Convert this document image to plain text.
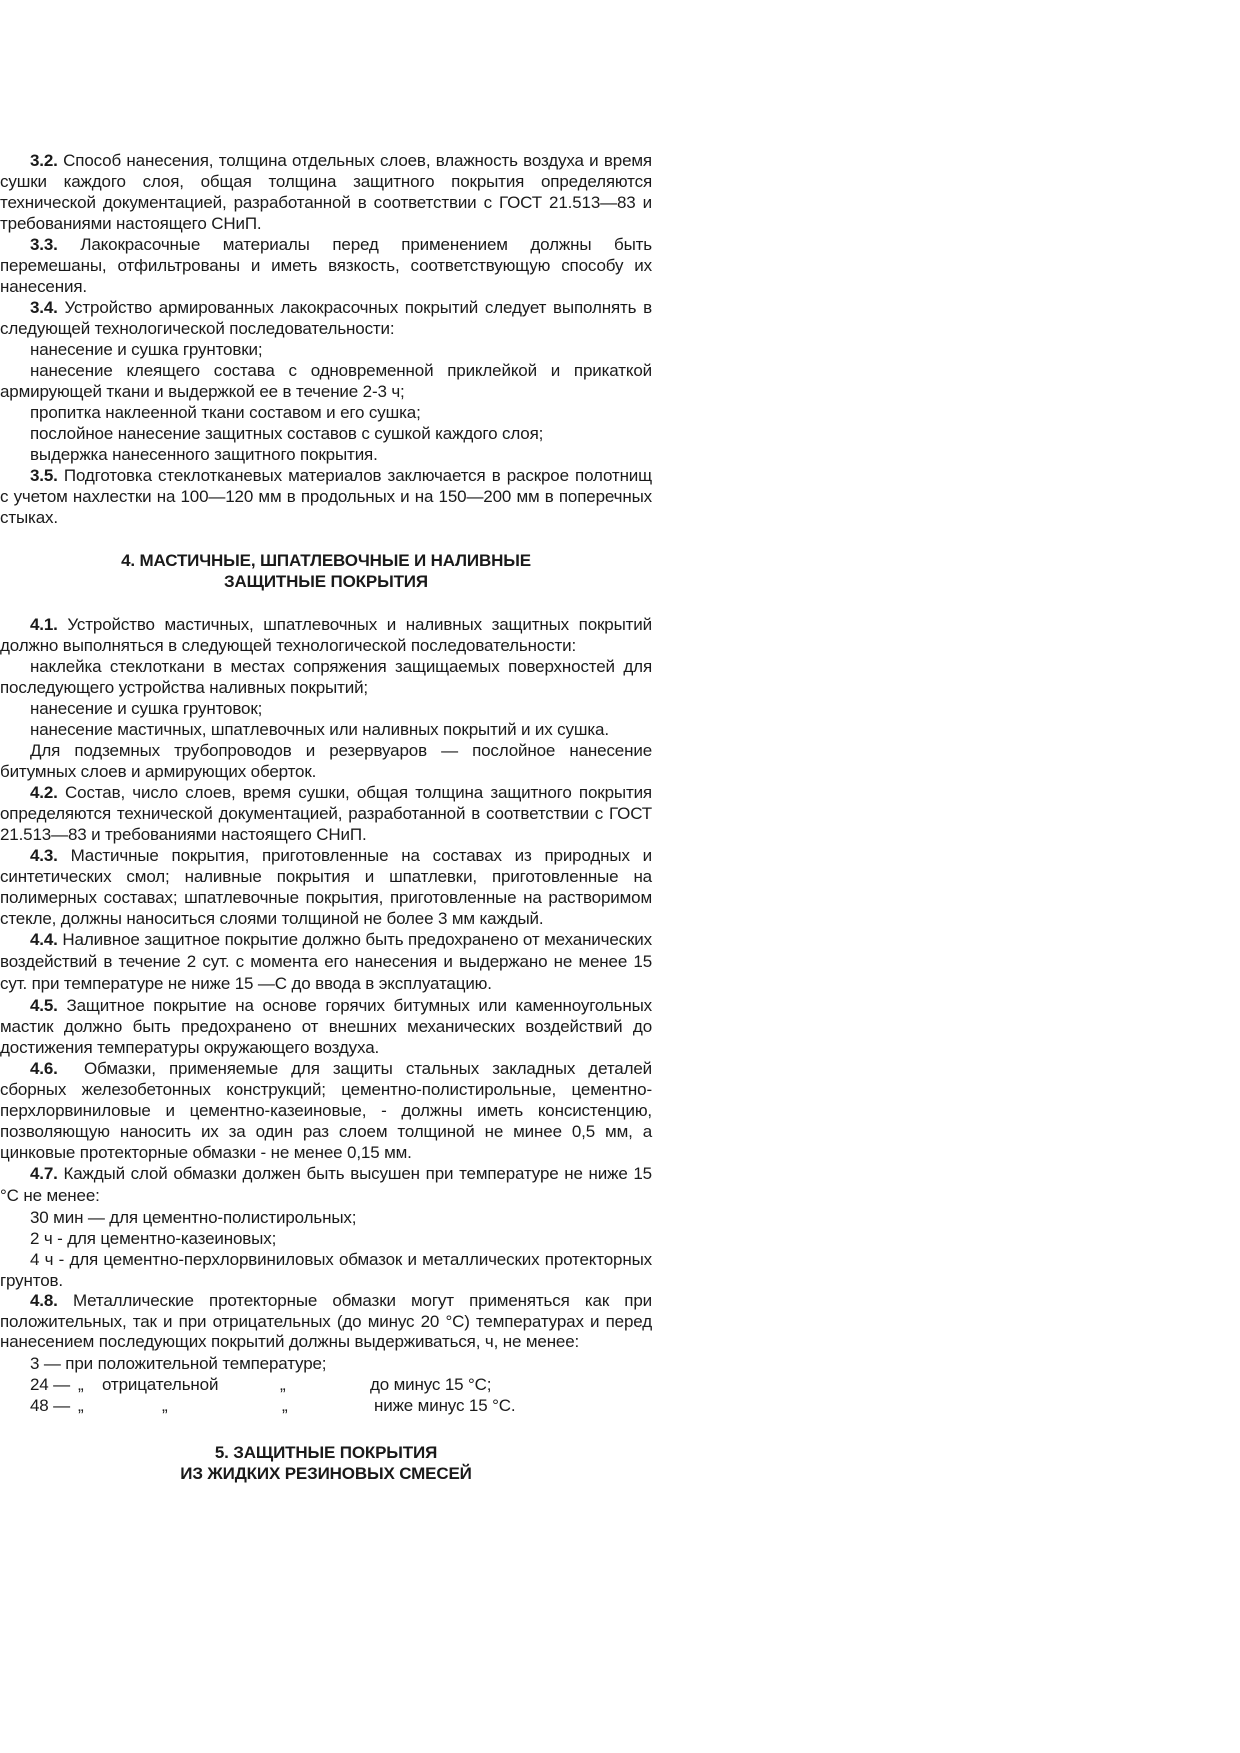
3.2. Способ нанесения, толщина отдельных слоев, влажность воздуха и время сушки каждого слоя, общая толщина защитного покрытия определяются технической документацией, разработанной в соответствии с ГОСТ 21.513—83 и требованиями настоящего СНиП.

3.3. Лакокрасочные материалы перед применением должны быть перемешаны, отфильтрованы и иметь вязкость, соответствующую способу их нанесения.

3.4. Устройство армированных лакокрасочных покрытий следует выполнять в следующей технологической последовательности:

нанесение и сушка грунтовки;

нанесение клеящего состава с одновременной приклейкой и прикаткой армирующей ткани и выдержкой ее в течение 2-3 ч;

пропитка наклеенной ткани составом и его сушка;

послойное нанесение защитных составов с сушкой каждого слоя;

выдержка нанесенного защитного покрытия.

3.5. Подготовка стеклотканевых материалов заключается в раскрое полотнищ с учетом нахлестки на 100—120 мм в продольных и на 150—200 мм в поперечных стыках.

4. МАСТИЧНЫЕ, ШПАТЛЕВОЧНЫЕ И НАЛИВНЫЕ
ЗАЩИТНЫЕ ПОКРЫТИЯ

4.1. Устройство мастичных, шпатлевочных и наливных защитных покрытий должно выполняться в следующей технологической последовательности:

наклейка стеклоткани в местах сопряжения защищаемых поверхностей для последующего устройства наливных покрытий;

нанесение и сушка грунтовок;

нанесение мастичных, шпатлевочных или наливных покрытий и их сушка.

Для подземных трубопроводов и резервуаров — послойное нанесение битумных слоев и армирующих оберток.

4.2. Состав, число слоев, время сушки, общая толщина защитного покрытия определяются технической документацией, разработанной в соответствии с ГОСТ 21.513—83 и требованиями настоящего СНиП.

4.3. Мастичные покрытия, приготовленные на составах из природных и синтетических смол; наливные покрытия и шпатлевки, приготовленные на полимерных составах; шпатлевочные покрытия, приготовленные на растворимом стекле, должны наноситься слоями толщиной не более 3 мм каждый.

4.4. Наливное защитное покрытие должно быть предохранено от механических воздействий в течение 2 сут. с момента его нанесения и выдержано не менее 15 сут. при температуре не ниже 15 —С до ввода в эксплуатацию.

4.5. Защитное покрытие на основе горячих битумных или каменноугольных мастик должно быть предохранено от внешних механических воздействий до достижения температуры окружающего воздуха.

4.6.  Обмазки, применяемые для защиты стальных закладных деталей сборных железобетонных конструкций; цементно-полистирольные, цементно-перхлорвиниловые и цементно-казеиновые, - должны иметь консистенцию, позволяющую наносить их за один раз слоем толщиной не минее 0,5 мм, а цинковые протекторные обмазки - не менее 0,15 мм.

4.7. Каждый слой обмазки должен быть высушен при температуре не ниже 15 °С не менее:

30 мин — для цементно-полистирольных;

2 ч - для цементно-казеиновых;

4 ч - для цементно-перхлорвиниловых обмазок и металлических протекторных грунтов.

4.8. Металлические протекторные обмазки могут применяться как при положительных, так и при отрицательных (до минус 20 °С) температурах и перед нанесением последующих покрытий должны выдерживаться, ч, не менее:

3 — при положительной температуре;

24 — „	отрицательной	„	до минус 15 °С;
48 — „	„	„	ниже минус 15 °С.
5. ЗАЩИТНЫЕ ПОКРЫТИЯ
ИЗ ЖИДКИХ РЕЗИНОВЫХ СМЕСЕЙ
